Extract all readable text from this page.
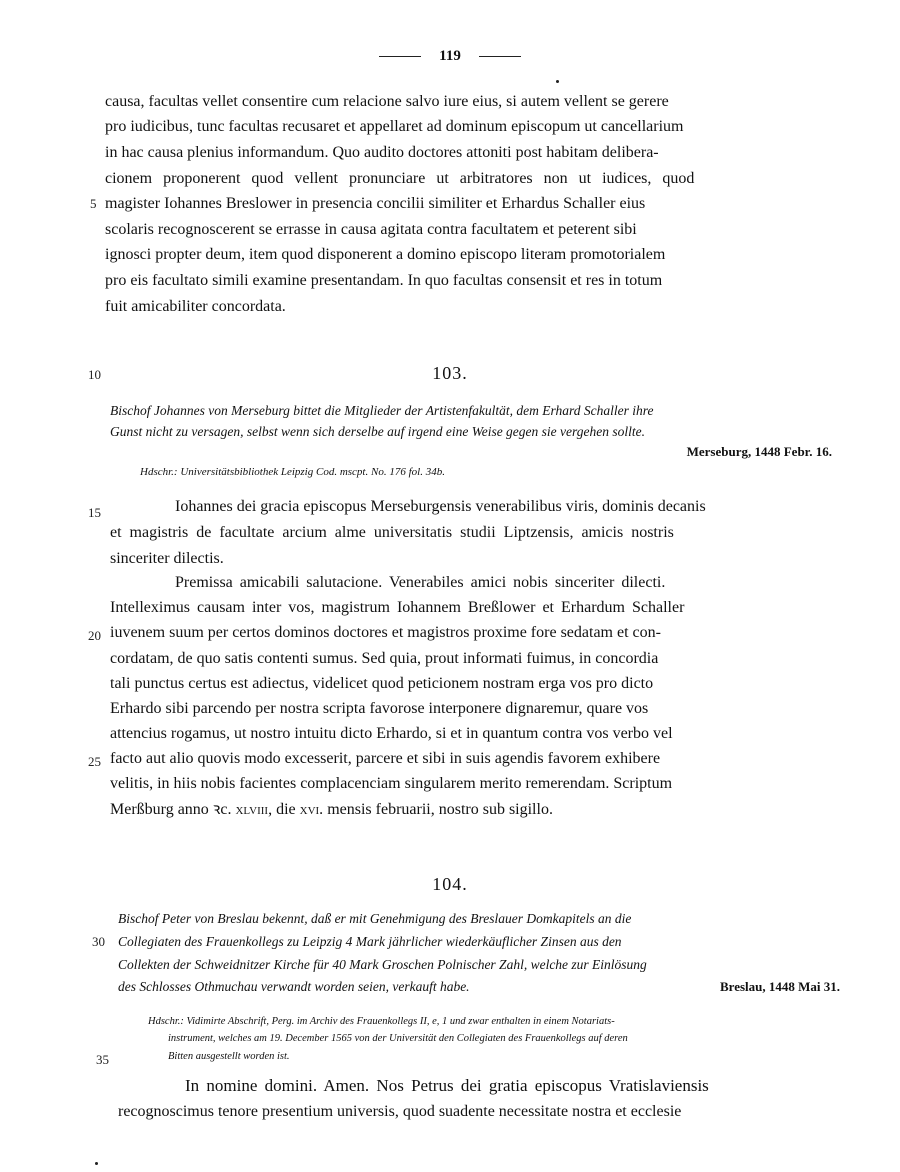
119
causa, facultas vellet consentire cum relacione salvo iure eius, si autem vellent se gerere
pro iudicibus, tunc facultas recusaret et appellaret ad dominum episcopum ut cancellarium
in hac causa plenius informandum. Quo audito doctores attoniti post habitam delibera-
cionem proponerent quod vellent pronunciare ut arbitratores non ut iudices, quod
5 magister Iohannes Breslower in presencia concilii similiter et Erhardus Schaller eius
scolaris recognoscerent se errasse in causa agitata contra facultatem et peterent sibi
ignosci propter deum, item quod disponerent a domino episcopo literam promotorialem
pro eis facultato simili examine presentandam. In quo facultas consensit et res in totum
fuit amicabiliter concordata.
10	103.
Bischof Johannes von Merseburg bittet die Mitglieder der Artistenfakultät, dem Erhard Schaller ihre
Gunst nicht zu versagen, selbst wenn sich derselbe auf irgend eine Weise gegen sie vergehen sollte.
Merseburg, 1448 Febr. 16.
Hdschr.: Universitätsbibliothek Leipzig Cod. mscpt. No. 176 fol. 34b.
15	Iohannes dei gracia episcopus Merseburgensis venerabilibus viris, dominis decanis
et magistris de facultate arcium alme universitatis studii Liptzensis, amicis nostris
sinceriter dilectis.
Premissa amicabili salutacione. Venerabiles amici nobis sinceriter dilecti.
Intelleximus causam inter vos, magistrum Iohannem Breßlower et Erhardum Schaller
20 iuvenem suum per certos dominos doctores et magistros proxime fore sedatam et con-
cordatam, de quo satis contenti sumus. Sed quia, prout informati fuimus, in concordia
tali punctus certus est adiectus, videlicet quod peticionem nostram erga vos pro dicto
Erhardo sibi parcendo per nostra scripta favorose interponere dignaremur, quare vos
attencius rogamus, ut nostro intuitu dicto Erhardo, si et in quantum contra vos verbo vel
25 facto aut alio quovis modo excesserit, parcere et sibi in suis agendis favorem exhibere
velitis, in hiis nobis facientes complacenciam singularem merito remerendam. Scriptum
Merßburg anno ꝛc. xlviii, die xvi. mensis februarii, nostro sub sigillo.
104.
Bischof Peter von Breslau bekennt, daß er mit Genehmigung des Breslauer Domkapitels an die
30 Collegiaten des Frauenkollegs zu Leipzig 4 Mark jährlicher wiederkäuflicher Zinsen aus den
Collekten der Schweidnitzer Kirche für 40 Mark Groschen Polnischer Zahl, welche zur Einlösung
des Schlosses Othmuchau verwandt worden seien, verkauft habe.	Breslau, 1448 Mai 31.
Hdschr.: Vidimirte Abschrift, Perg. im Archiv des Frauenkollegs II, e, 1 und zwar enthalten in einem Notariats-
instrument, welches am 19. December 1565 von der Universität den Collegiaten des Frauenkollegs auf deren
35	Bitten ausgestellt worden ist.
In nomine domini. Amen. Nos Petrus dei gratia episcopus Vratislaviensis
recognoscimus tenore presentium universis, quod suadente necessitate nostra et ecclesie
